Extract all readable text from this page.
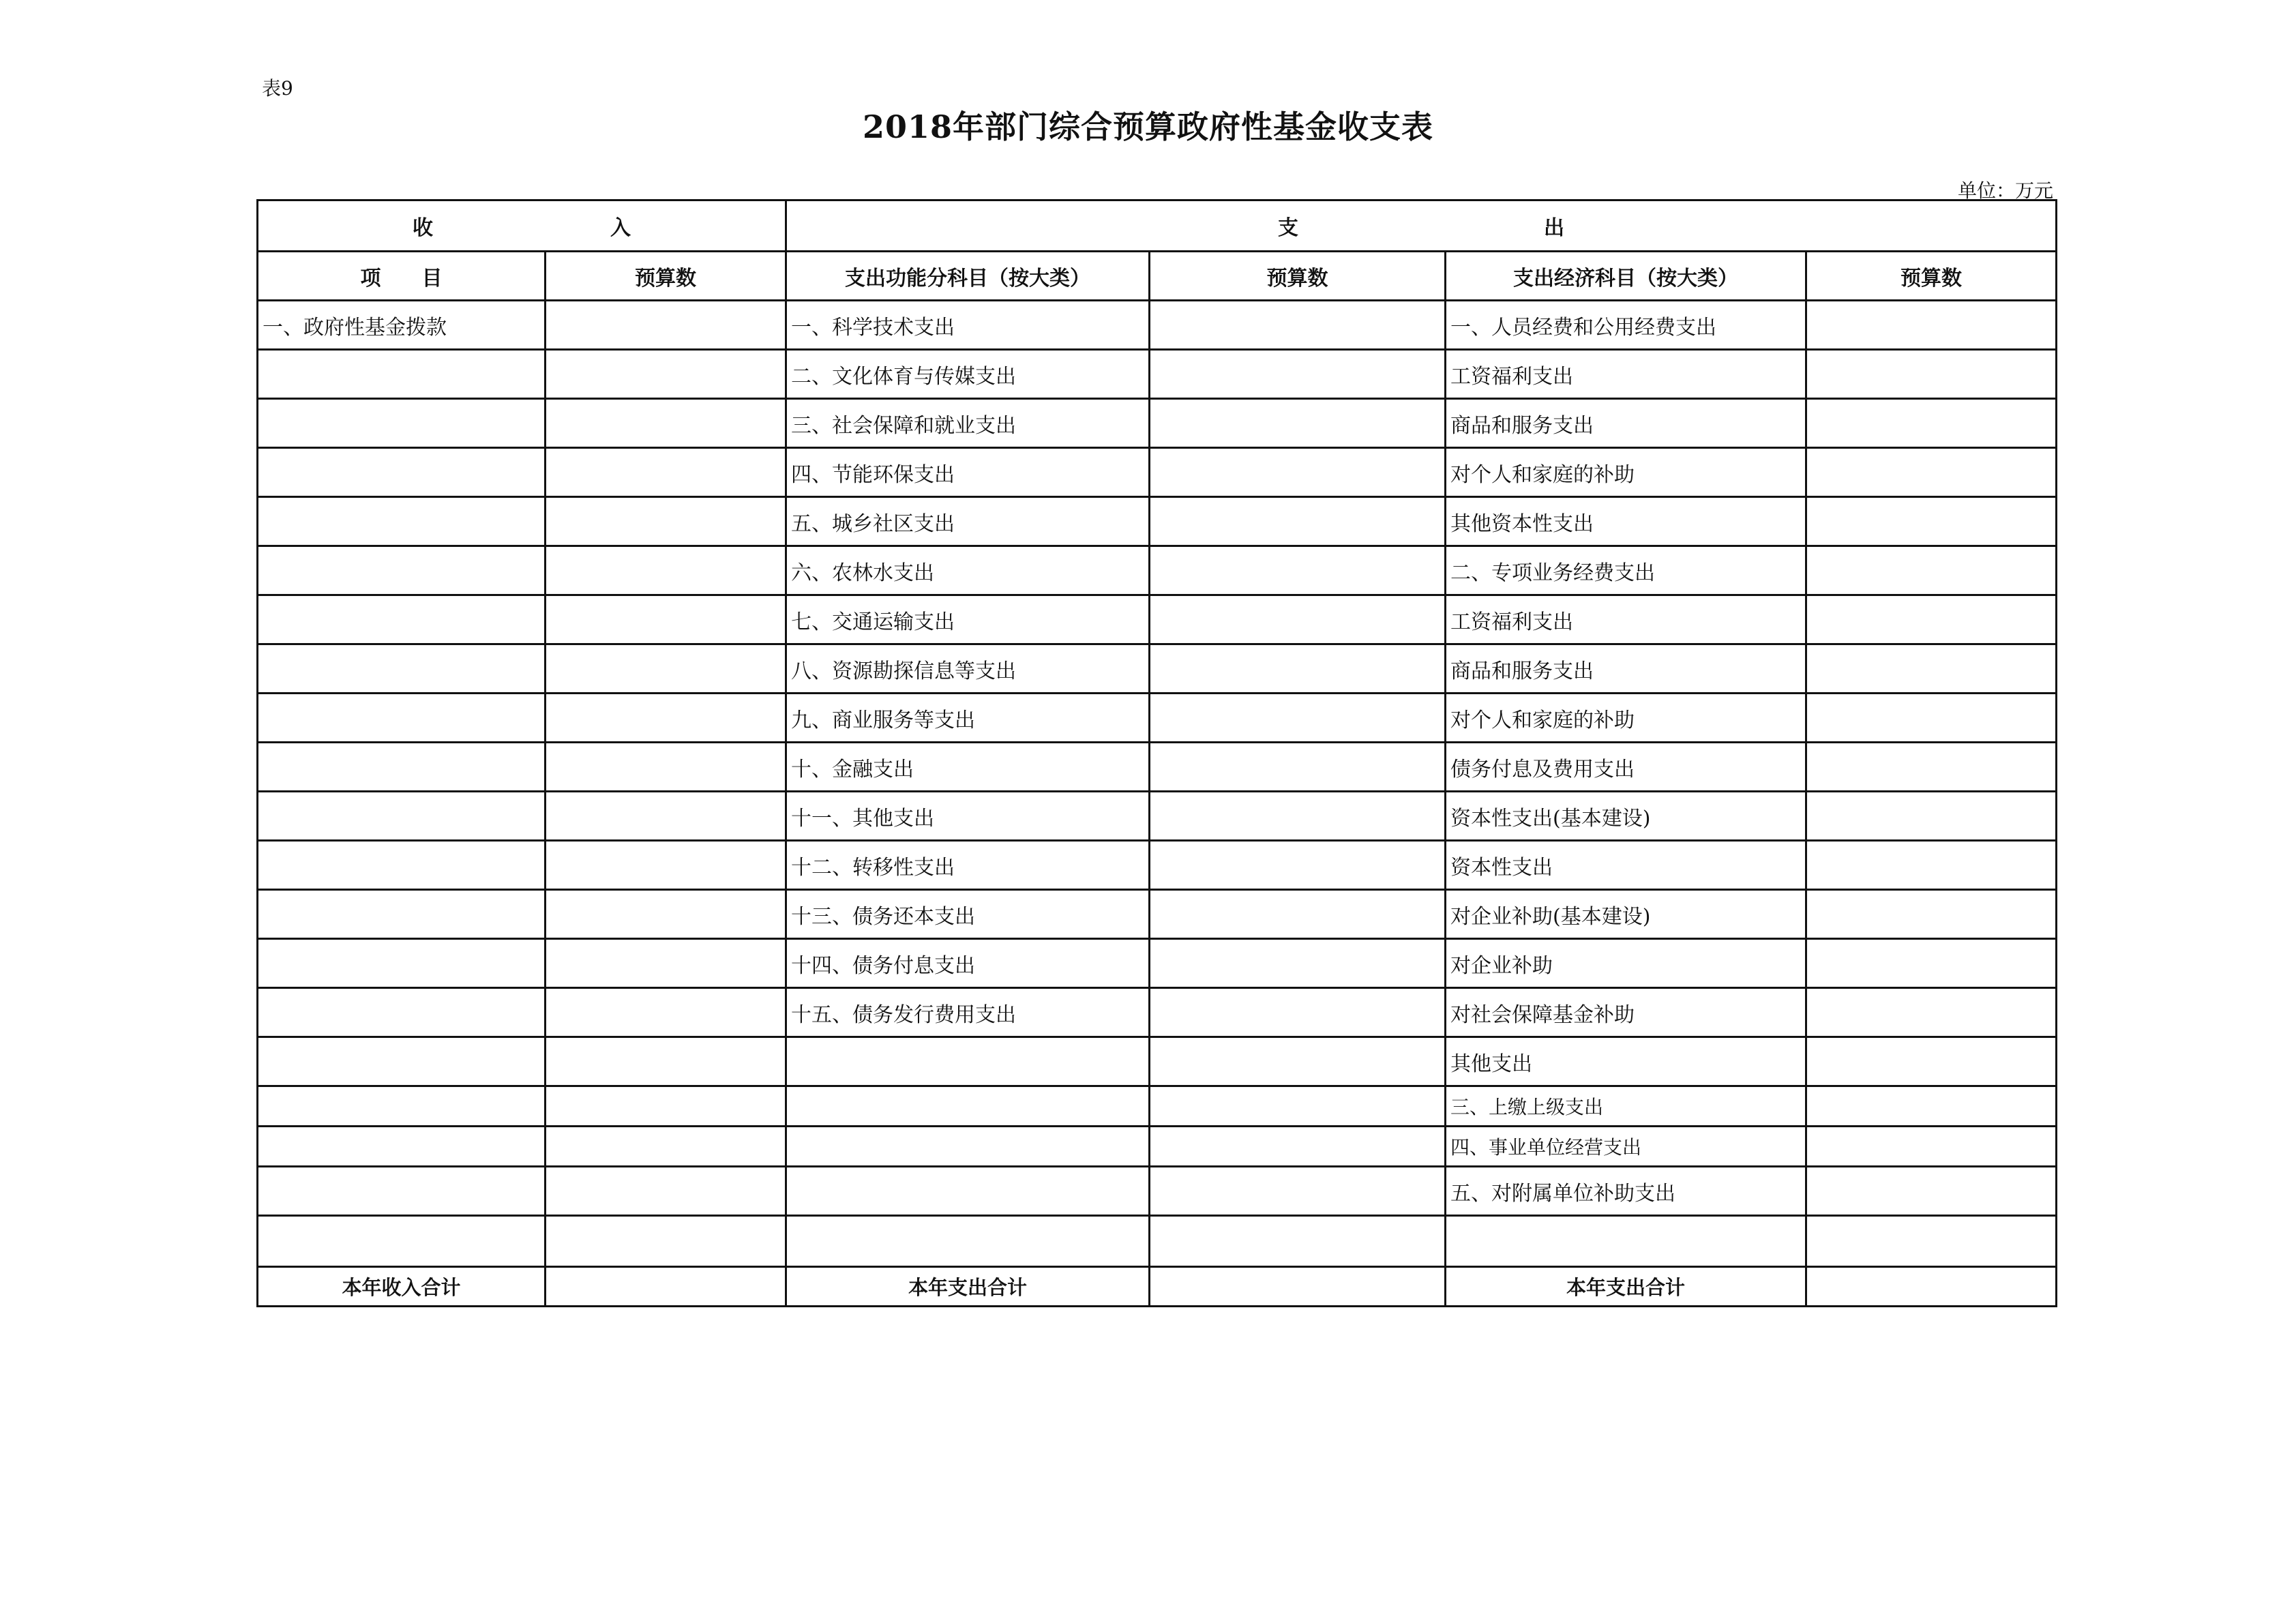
表9
2018年部门综合预算政府性基金收支表
单位：万元
收 入		支 出			
项 目	预算数	支出功能分科目（按大类）	预算数	支出经济科目（按大类）	预算数
一、政府性基金拨款		一、科学技术支出		一、人员经费和公用经费支出	
		二、文化体育与传媒支出		工资福利支出	
		三、社会保障和就业支出		商品和服务支出	
		四、节能环保支出		对个人和家庭的补助	
		五、城乡社区支出		其他资本性支出	
		六、农林水支出		二、专项业务经费支出	
		七、交通运输支出		工资福利支出	
		八、资源勘探信息等支出		商品和服务支出	
		九、商业服务等支出		对个人和家庭的补助	
		十、金融支出		债务付息及费用支出	
		十一、其他支出		资本性支出(基本建设)	
		十二、转移性支出		资本性支出	
		十三、债务还本支出		对企业补助(基本建设)	
		十四、债务付息支出		对企业补助	
		十五、债务发行费用支出		对社会保障基金补助	
				其他支出	
				三、上缴上级支出	
				四、事业单位经营支出	
				五、对附属单位补助支出	

本年收入合计		本年支出合计		本年支出合计	
